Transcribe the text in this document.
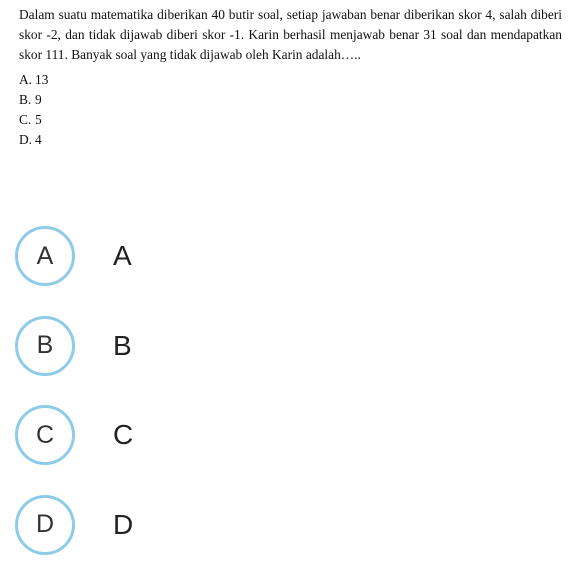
Dalam suatu matematika diberikan 40 butir soal, setiap jawaban benar diberikan skor 4, salah diberi skor -2, dan tidak dijawab diberi skor -1. Karin berhasil menjawab benar 31 soal dan mendapatkan skor 111. Banyak soal yang tidak dijawab oleh Karin adalah…..

A. 13
B. 9
C. 5
D. 4
A	A
B	B
C	C
D	D
